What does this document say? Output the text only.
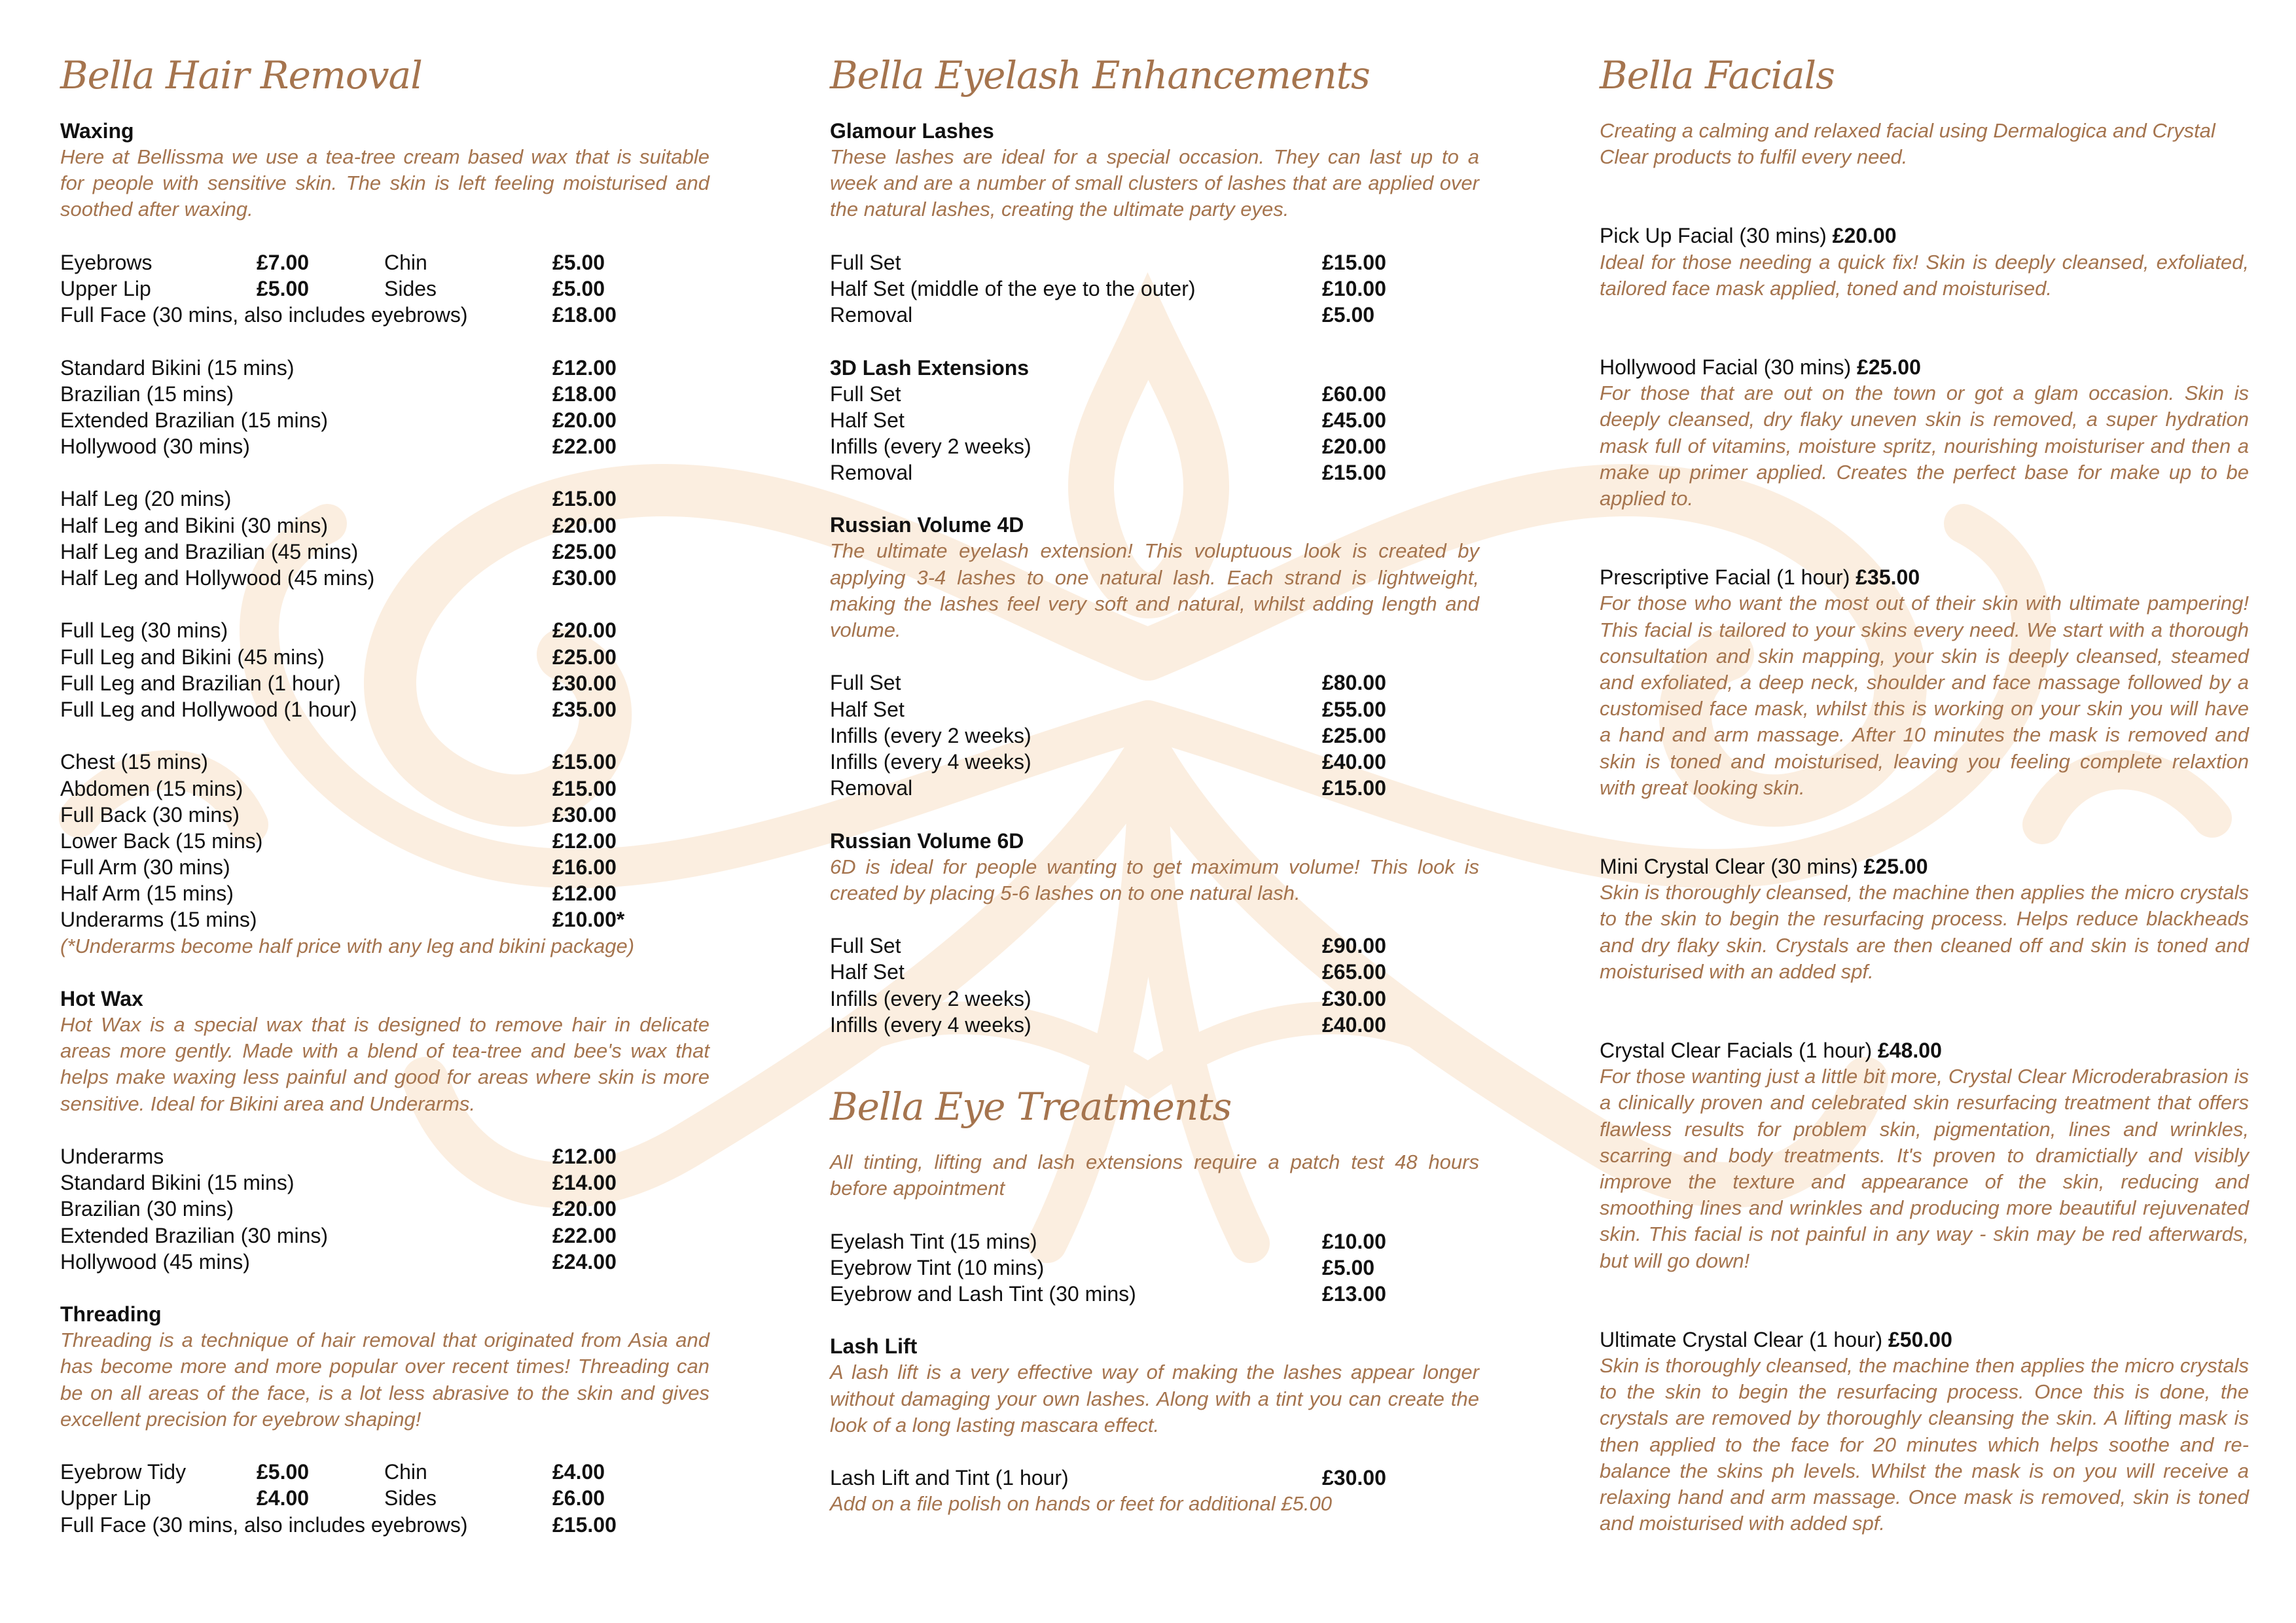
Bella Hair Removal
Waxing

Here at Bellissma we use a tea-tree cream based wax that is suitable for people with sensitive skin. The skin is left feeling moisturised and soothed after waxing.

Eyebrows	£7.00	Chin	£5.00
Upper Lip	£5.00	Sides	£5.00
Full Face (30 mins, also includes eyebrows)	£18.00
Standard Bikini (15 mins)	£12.00
Brazilian (15 mins)	£18.00
Extended Brazilian (15 mins)	£20.00
Hollywood (30 mins)	£22.00
Half Leg (20 mins)	£15.00
Half Leg and Bikini (30 mins)	£20.00
Half Leg and Brazilian (45 mins)	£25.00
Half Leg and Hollywood (45 mins)	£30.00
Full Leg (30 mins)	£20.00
Full Leg and Bikini (45 mins)	£25.00
Full Leg and Brazilian (1 hour)	£30.00
Full Leg and Hollywood (1 hour)	£35.00
Chest (15 mins)	£15.00
Abdomen (15 mins)	£15.00
Full Back (30 mins)	£30.00
Lower Back (15 mins)	£12.00
Full Arm (30 mins)	£16.00
Half Arm (15 mins)	£12.00
Underarms (15 mins)	£10.00*

(*Underarms become half price with any leg and bikini package)

Hot Wax

Hot Wax is a special wax that is designed to remove hair in delicate areas more gently. Made with a blend of tea-tree and bee's wax that helps make waxing less painful and good for areas where skin is more sensitive. Ideal for Bikini area and Underarms.

Underarms	£12.00
Standard Bikini (15 mins)	£14.00
Brazilian (30 mins)	£20.00
Extended Brazilian (30 mins)	£22.00
Hollywood (45 mins)	£24.00
Threading

Threading is a technique of hair removal that originated from Asia and has become more and more popular over recent times! Threading can be on all areas of the face, is a lot less abrasive to the skin and gives excellent precision for eyebrow shaping!

Eyebrow Tidy	£5.00	Chin	£4.00
Upper Lip	£4.00	Sides	£6.00
Full Face (30 mins, also includes eyebrows)	£15.00
Bella Eyelash Enhancements
Glamour Lashes

These lashes are ideal for a special occasion. They can last up to a week and are a number of small clusters of lashes that are applied over the natural lashes, creating the ultimate party eyes.

Full Set	£15.00
Half Set (middle of the eye to the outer)	£10.00
Removal	£5.00
3D Lash Extensions
Full Set	£60.00
Half Set	£45.00
Infills (every 2 weeks)	£20.00
Removal	£15.00
Russian Volume 4D

The ultimate eyelash extension! This voluptuous look is created by applying 3-4 lashes to one natural lash. Each strand is lightweight, making the lashes feel very soft and natural, whilst adding length and volume.

Full Set	£80.00
Half Set	£55.00
Infills (every 2 weeks)	£25.00
Infills (every 4 weeks)	£40.00
Removal	£15.00
Russian Volume 6D

6D is ideal for people wanting to get maximum volume! This look is created by placing 5-6 lashes on to one natural lash.

Full Set	£90.00
Half Set	£65.00
Infills (every 2 weeks)	£30.00
Infills (every 4 weeks)	£40.00
Bella Eye Treatments

All tinting, lifting and lash extensions require a patch test 48 hours before appointment

Eyelash Tint (15 mins)	£10.00
Eyebrow Tint (10 mins)	£5.00
Eyebrow and Lash Tint (30 mins)	£13.00
Lash Lift

A lash lift is a very effective way of making the lashes appear longer without damaging your own lashes. Along with a tint you can create the look of a long lasting mascara effect.

Lash Lift and Tint (1 hour)	£30.00

Add on a file polish on hands or feet for additional £5.00

Bella Facials

Creating a calming and relaxed facial using Dermalogica and Crystal Clear products to fulfil every need.

Pick Up Facial (30 mins) £20.00

Ideal for those needing a quick fix! Skin is deeply cleansed, exfoliated, tailored face mask applied, toned and moisturised.

Hollywood Facial (30 mins) £25.00

For those that are out on the town or got a glam occasion. Skin is deeply cleansed, dry flaky uneven skin is removed, a super hydration mask full of vitamins, moisture spritz, nourishing moisturiser and then a make up primer applied. Creates the perfect base for make up to be applied to.

Prescriptive Facial (1 hour) £35.00

For those who want the most out of their skin with ultimate pampering! This facial is tailored to your skins every need. We start with a thorough consultation and skin mapping, your skin is deeply cleansed, steamed and exfoliated, a deep neck, shoulder and face massage followed by a customised face mask, whilst this is working on your skin you will have a hand and arm massage. After 10 minutes the mask is removed and skin is toned and moisturised, leaving you feeling complete relaxtion with great looking skin.

Mini Crystal Clear (30 mins) £25.00

Skin is thoroughly cleansed, the machine then applies the micro crystals to the skin to begin the resurfacing process. Helps reduce blackheads and dry flaky skin. Crystals are then cleaned off and skin is toned and moisturised with an added spf.

Crystal Clear Facials (1 hour) £48.00

For those wanting just a little bit more, Crystal Clear Microderabrasion is a clinically proven and celebrated skin resurfacing treatment that offers flawless results for problem skin, pigmentation, lines and wrinkles, scarring and body treatments. It's proven to dramictially and visibly improve the texture and appearance of the skin, reducing and smoothing lines and wrinkles and producing more beautiful rejuvenated skin. This facial is not painful in any way - skin may be red afterwards, but will go down!

Ultimate Crystal Clear (1 hour) £50.00

Skin is thoroughly cleansed, the machine then applies the micro crystals to the skin to begin the resurfacing process. Once this is done, the crystals are removed by thoroughly cleansing the skin. A lifting mask is then applied to the face for 20 minutes which helps soothe and re-balance the skins ph levels. Whilst the mask is on you will receive a relaxing hand and arm massage. Once mask is removed, skin is toned and moisturised with added spf.
